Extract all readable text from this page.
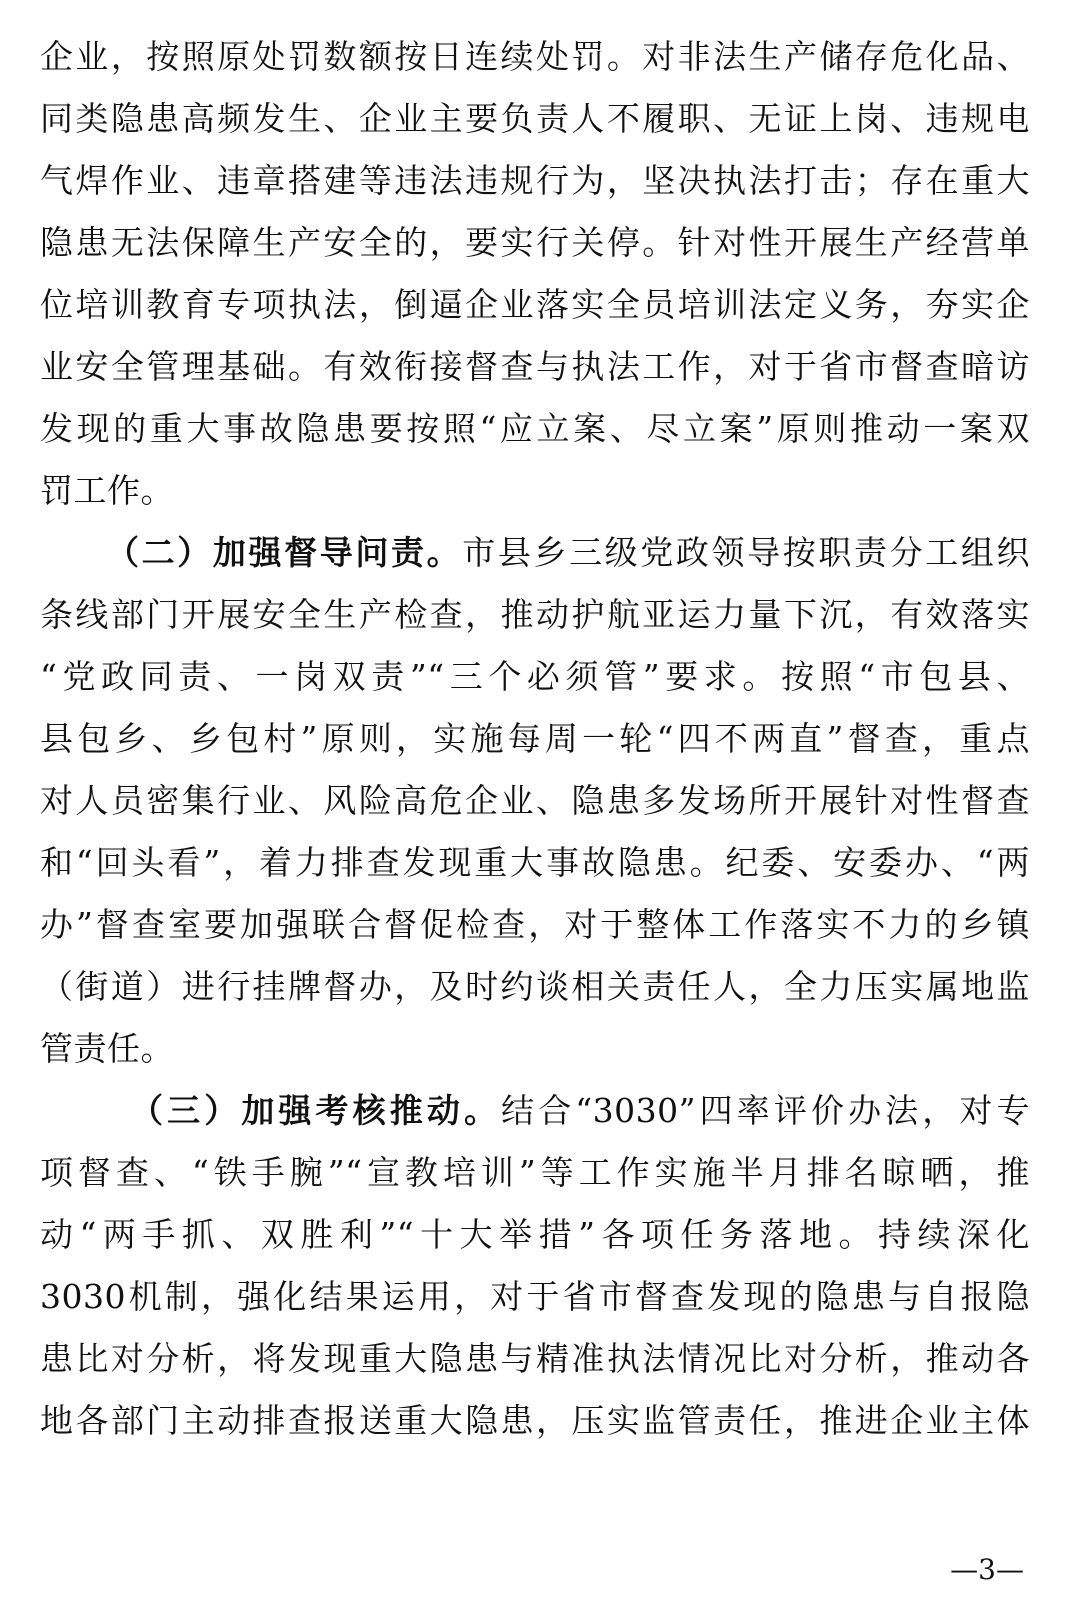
企业，按照原处罚数额按日连续处罚。对非法生产储存危化品、
同类隐患高频发生、企业主要负责人不履职、无证上岗、违规电
气焊作业、违章搭建等违法违规行为，坚决执法打击；存在重大
隐患无法保障生产安全的，要实行关停。针对性开展生产经营单
位培训教育专项执法，倒逼企业落实全员培训法定义务，夯实企
业安全管理基础。有效衔接督查与执法工作，对于省市督查暗访
发现的重大事故隐患要按照“应立案、尽立案”原则推动一案双
罚工作。
（二）加强督导问责。市县乡三级党政领导按职责分工组织
条线部门开展安全生产检查，推动护航亚运力量下沉，有效落实
“党政同责、一岗双责”“三个必须管”要求。按照“市包县、
县包乡、乡包村”原则，实施每周一轮“四不两直”督查，重点
对人员密集行业、风险高危企业、隐患多发场所开展针对性督查
和“回头看”，着力排查发现重大事故隐患。纪委、安委办、“两
办”督查室要加强联合督促检查，对于整体工作落实不力的乡镇
（街道）进行挂牌督办，及时约谈相关责任人，全力压实属地监
管责任。
（三）加强考核推动。结合“3030”四率评价办法，对专
项督查、“铁手腕”“宣教培训”等工作实施半月排名晾晒，推
动“两手抓、双胜利”“十大举措”各项任务落地。持续深化
3030机制，强化结果运用，对于省市督查发现的隐患与自报隐
患比对分析，将发现重大隐患与精准执法情况比对分析，推动各
地各部门主动排查报送重大隐患，压实监管责任，推进企业主体
—3—
